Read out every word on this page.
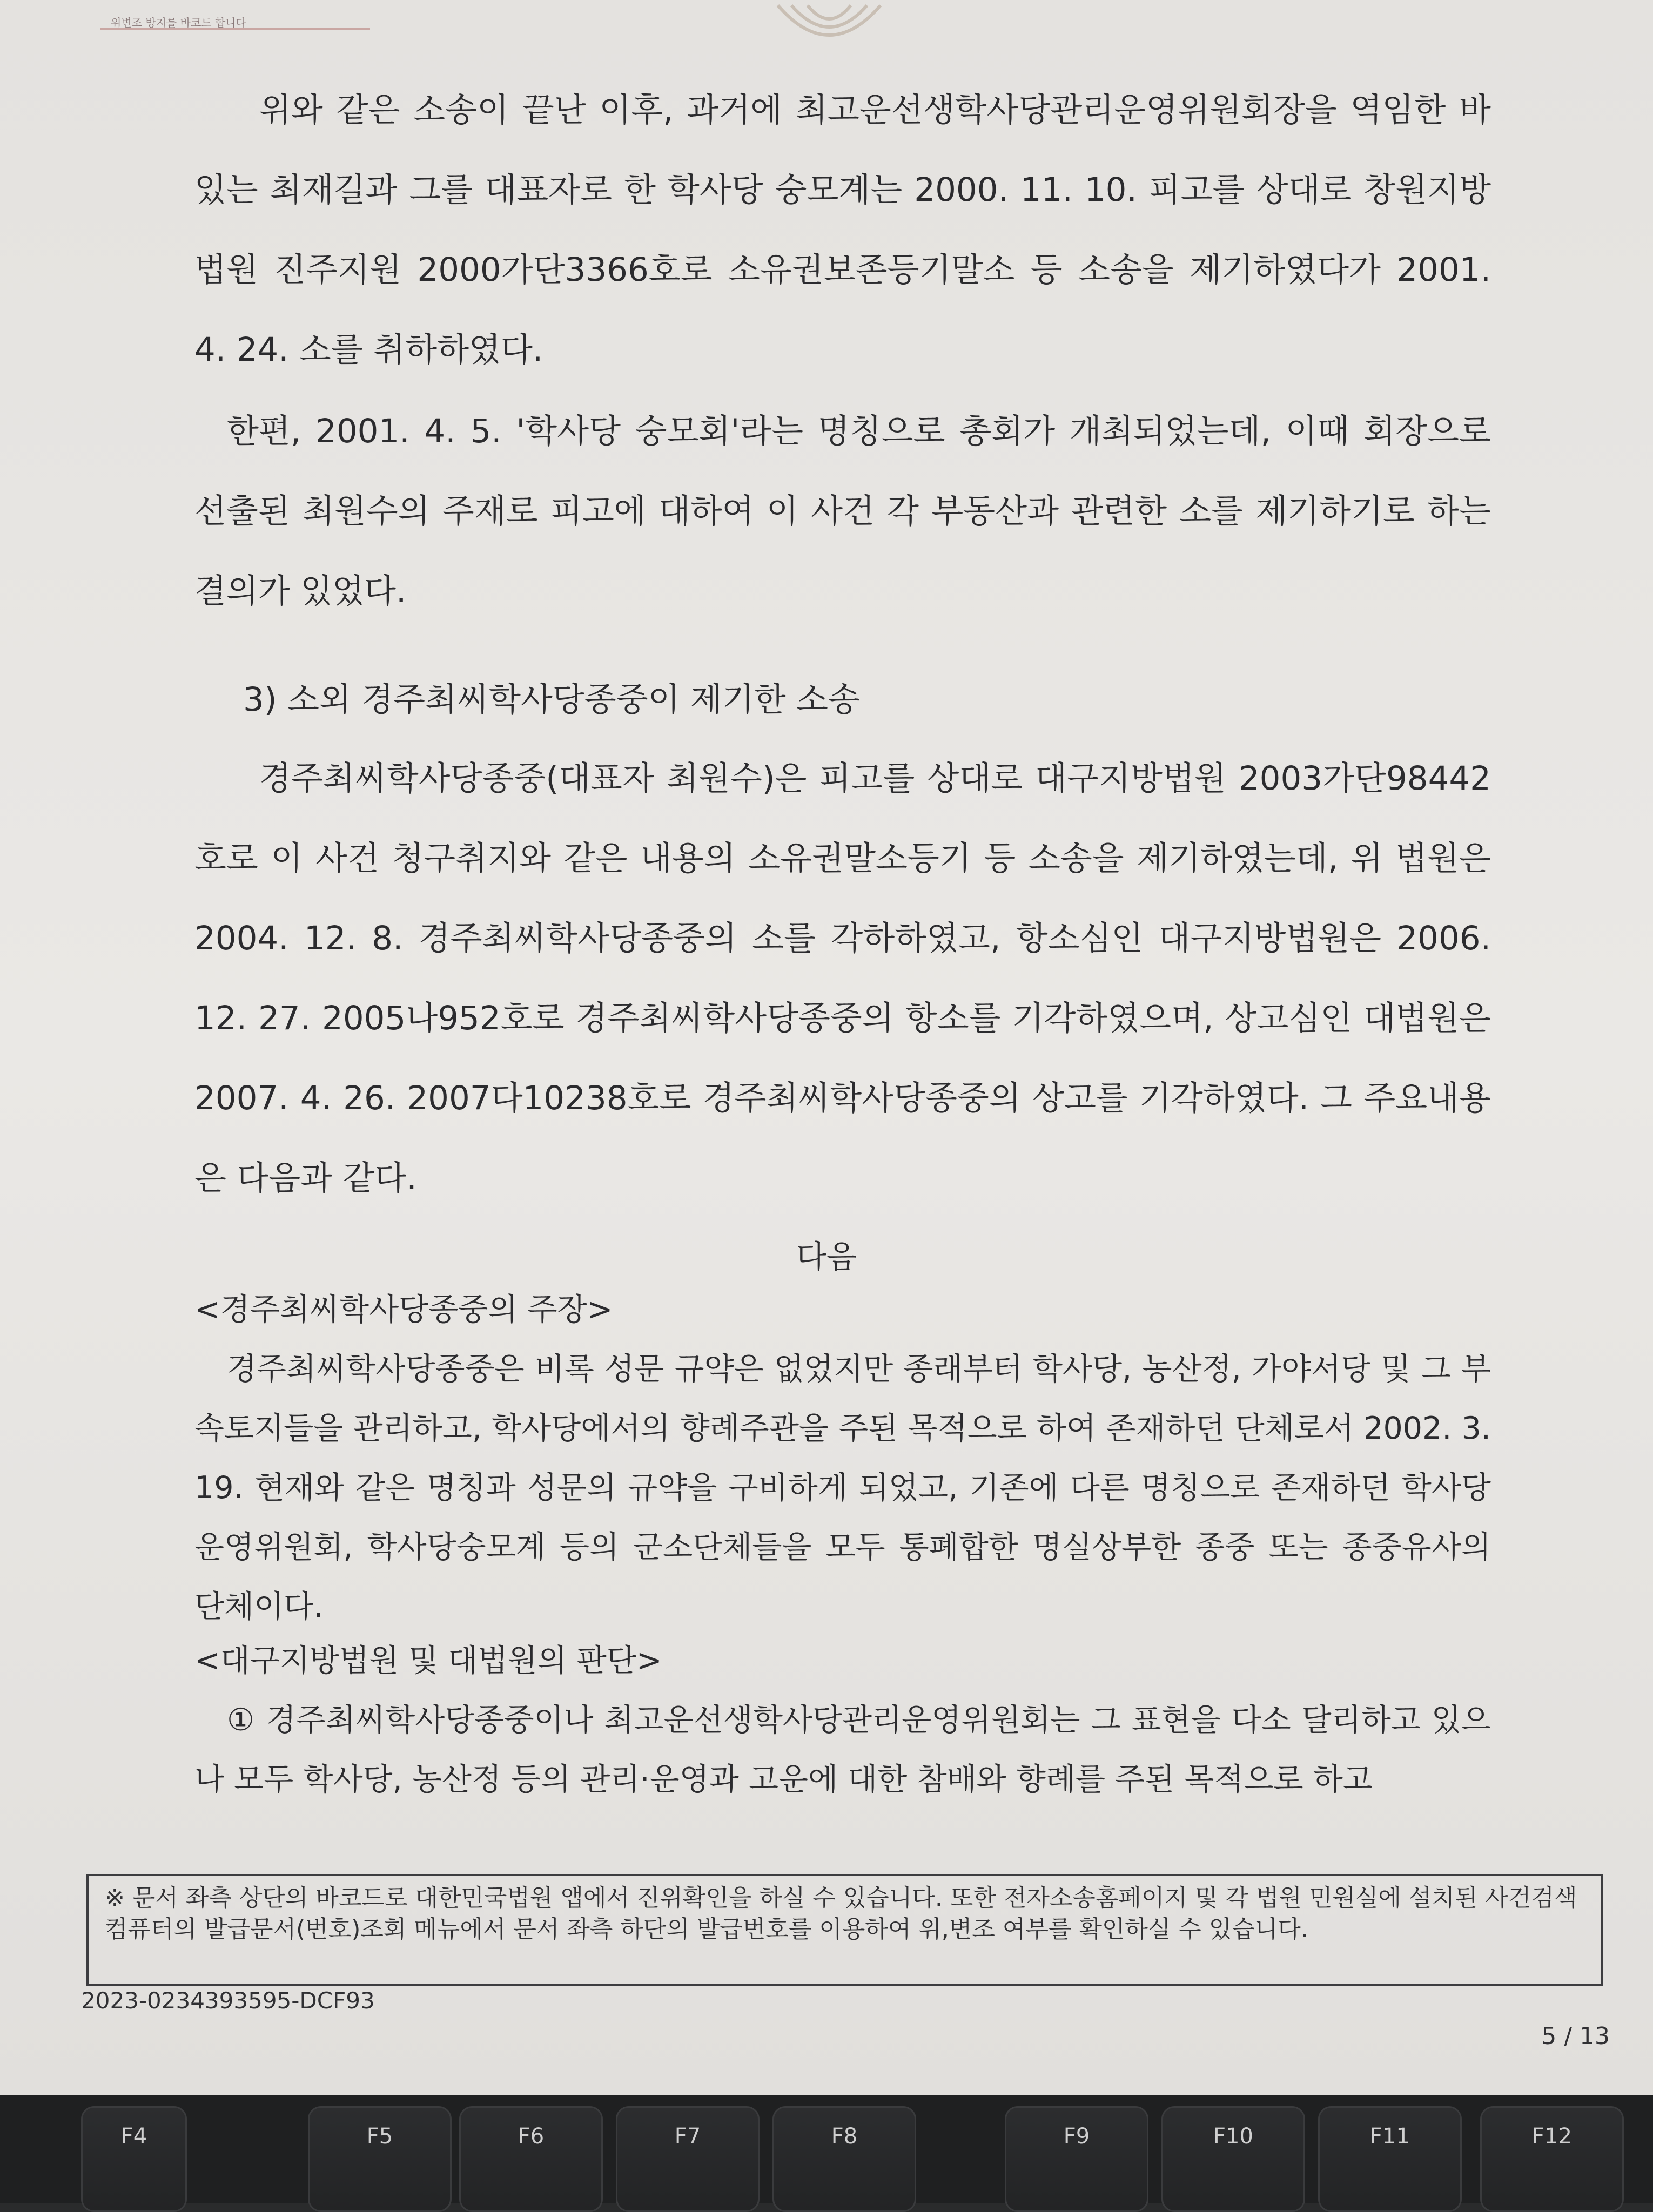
위변조 방지를 바코드 합니다
위와 같은 소송이 끝난 이후, 과거에 최고운선생학사당관리운영위원회장을 역임한 바 있는 최재길과 그를 대표자로 한 학사당 숭모계는 2000. 11. 10. 피고를 상대로 창원지방법원 진주지원 2000가단3366호로 소유권보존등기말소 등 소송을 제기하였다가 2001. 4. 24. 소를 취하하였다.
한편, 2001. 4. 5. '학사당 숭모회'라는 명칭으로 총회가 개최되었는데, 이때 회장으로 선출된 최원수의 주재로 피고에 대하여 이 사건 각 부동산과 관련한 소를 제기하기로 하는 결의가 있었다.
3) 소외 경주최씨학사당종중이 제기한 소송
경주최씨학사당종중(대표자 최원수)은 피고를 상대로 대구지방법원 2003가단98442호로 이 사건 청구취지와 같은 내용의 소유권말소등기 등 소송을 제기하였는데, 위 법원은 2004. 12. 8. 경주최씨학사당종중의 소를 각하하였고, 항소심인 대구지방법원은 2006. 12. 27. 2005나952호로 경주최씨학사당종중의 항소를 기각하였으며, 상고심인 대법원은 2007. 4. 26. 2007다10238호로 경주최씨학사당종중의 상고를 기각하였다. 그 주요내용은 다음과 같다.
다음
<경주최씨학사당종중의 주장>
경주최씨학사당종중은 비록 성문 규약은 없었지만 종래부터 학사당, 농산정, 가야서당 및 그 부속토지들을 관리하고, 학사당에서의 향례주관을 주된 목적으로 하여 존재하던 단체로서 2002. 3. 19. 현재와 같은 명칭과 성문의 규약을 구비하게 되었고, 기존에 다른 명칭으로 존재하던 학사당운영위원회, 학사당숭모계 등의 군소단체들을 모두 통폐합한 명실상부한 종중 또는 종중유사의 단체이다.
<대구지방법원 및 대법원의 판단>
① 경주최씨학사당종중이나 최고운선생학사당관리운영위원회는 그 표현을 다소 달리하고 있으나 모두 학사당, 농산정 등의 관리·운영과 고운에 대한 참배와 향례를 주된 목적으로 하고
※ 문서 좌측 상단의 바코드로 대한민국법원 앱에서 진위확인을 하실 수 있습니다. 또한 전자소송홈페이지 및 각 법원 민원실에 설치된 사건검색 컴퓨터의 발급문서(번호)조회 메뉴에서 문서 좌측 하단의 발급번호를 이용하여 위,변조 여부를 확인하실 수 있습니다.
2023-0234393595-DCF93
5 / 13
F4	F5	F6	F7	F8	F9	F10	F11	F12
